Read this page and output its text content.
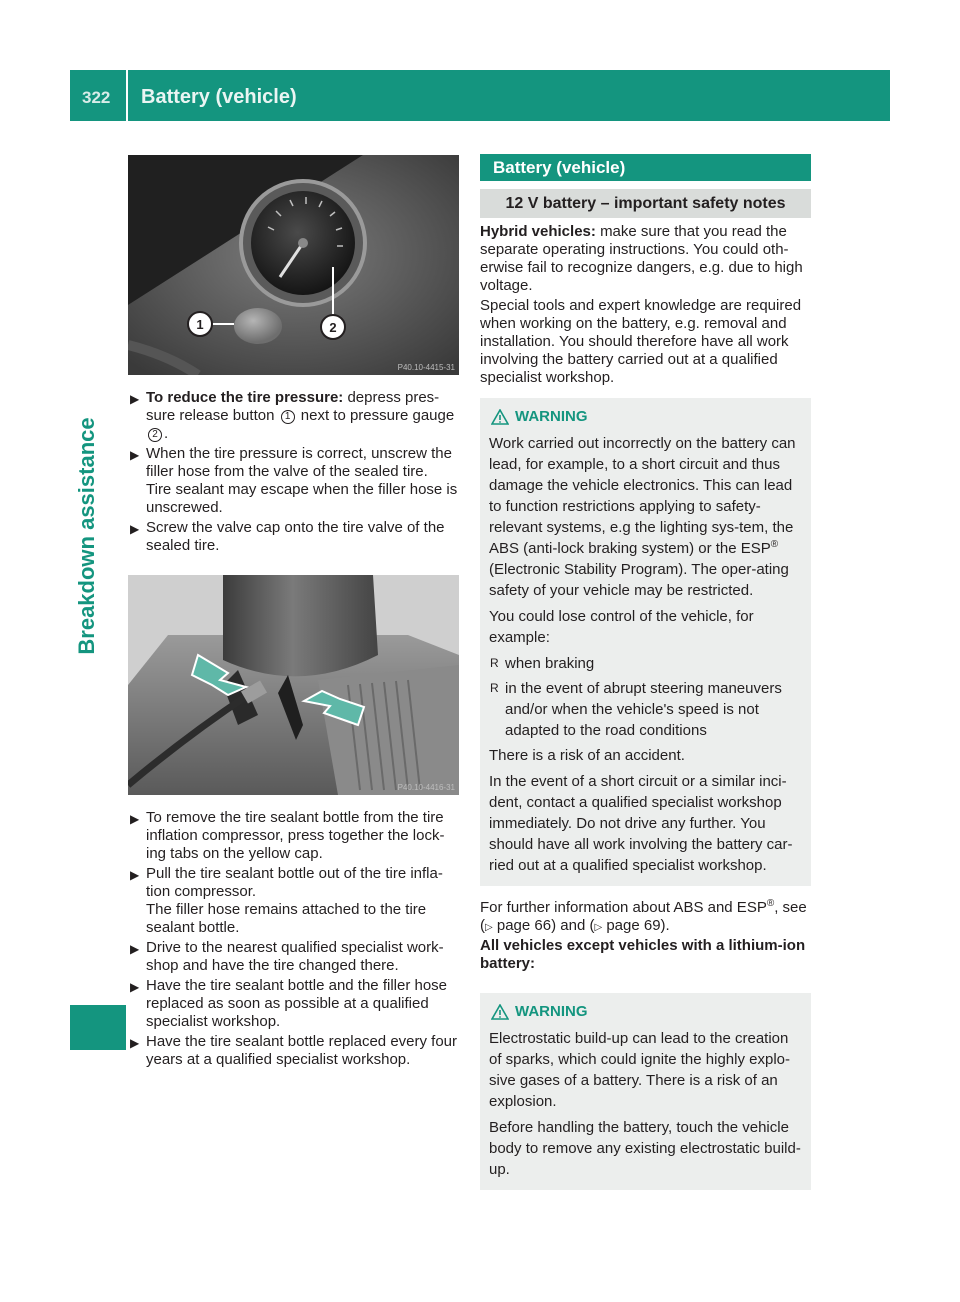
322 Battery (vehicle)
Breakdown assistance
1	2
P40.10-4415-31
▶ To reduce the tire pressure: depress pres-sure release button 1 next to pressure gauge 2 .
▶ When the tire pressure is correct, unscrew the filler hose from the valve of the sealed tire.
Tire sealant may escape when the filler hose is unscrewed.
▶ Screw the valve cap onto the tire valve of the sealed tire.
P40.10-4416-31
▶ To remove the tire sealant bottle from the tire inflation compressor, press together the lock-ing tabs on the yellow cap.
▶ Pull the tire sealant bottle out of the tire infla-tion compressor.
The filler hose remains attached to the tire sealant bottle.
▶ Drive to the nearest qualified specialist work-shop and have the tire changed there.
▶ Have the tire sealant bottle and the filler hose replaced as soon as possible at a qualified specialist workshop.
▶ Have the tire sealant bottle replaced every four years at a qualified specialist workshop.
Battery (vehicle)
12 V battery – important safety notes

Hybrid vehicles: make sure that you read the separate operating instructions. You could oth-erwise fail to recognize dangers, e.g. due to high voltage.

Special tools and expert knowledge are required when working on the battery, e.g. removal and installation. You should therefore have all work involving the battery carried out at a qualified specialist workshop.

WARNING

Work carried out incorrectly on the battery can lead, for example, to a short circuit and thus damage the vehicle electronics. This can lead to function restrictions applying to safety-relevant systems, e.g the lighting sys-tem, the ABS (anti-lock braking system) or the ESP® (Electronic Stability Program). The oper-ating safety of your vehicle may be restricted.

You could lose control of the vehicle, for example:

R when braking
R in the event of abrupt steering maneuvers and/or when the vehicle's speed is not adapted to the road conditions

There is a risk of an accident.

In the event of a short circuit or a similar inci-dent, contact a qualified specialist workshop immediately. Do not drive any further. You should have all work involving the battery car-ried out at a qualified specialist workshop.

For further information about ABS and ESP®, see (▷ page 66) and (▷ page 69).

All vehicles except vehicles with a lithium-ion battery:

WARNING

Electrostatic build-up can lead to the creation of sparks, which could ignite the highly explo-sive gases of a battery. There is a risk of an explosion.

Before handling the battery, touch the vehicle body to remove any existing electrostatic build-up.
